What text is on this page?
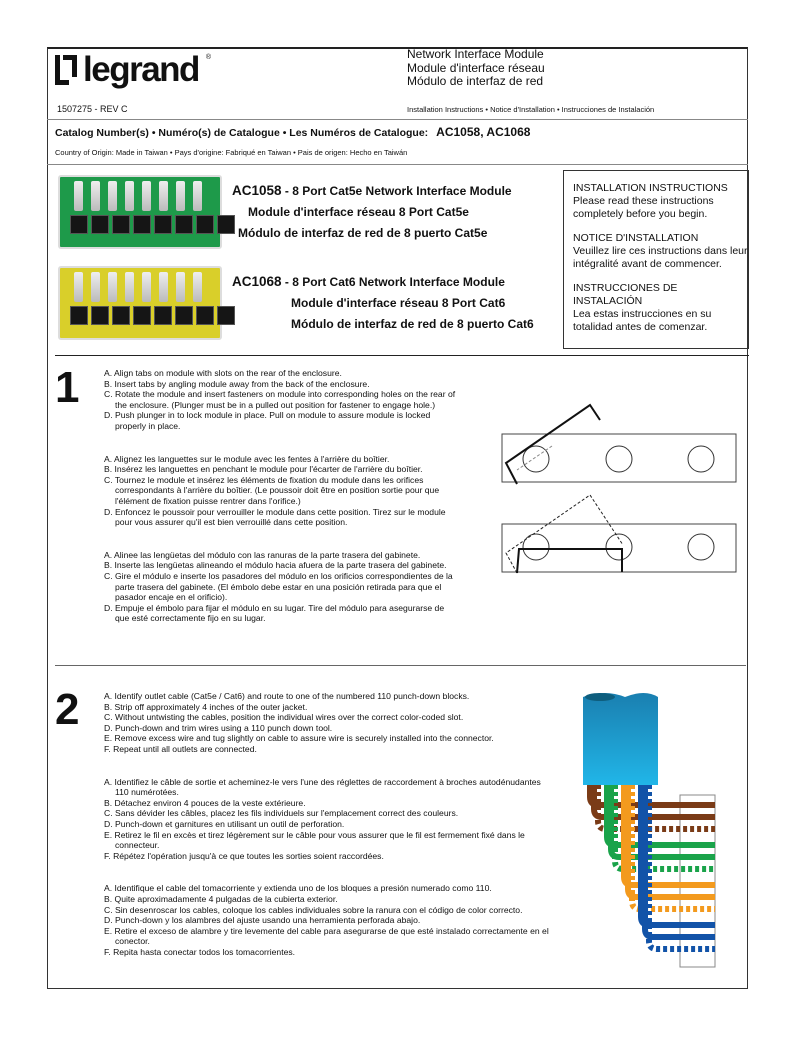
legrand ®	Network Interface Module
Module d'interface réseau
Módulo de interfaz de red
1507275 - REV C	Installation Instructions • Notice d'Installation • Instrucciones de Instalación
Catalog Number(s) • Numéro(s) de Catalogue • Les Numéros de Catalogue: AC1058, AC1068
Country of Origin: Made in Taiwan • Pays d'origine: Fabriqué en Taiwan • Pais de origen: Hecho en Taiwán
AC1058 - 8 Port Cat5e Network Interface Module
Module d'interface réseau 8 Port Cat5e
Módulo de interfaz de red de 8 puerto Cat5e
AC1068 - 8 Port Cat6 Network Interface Module
Module d'interface réseau 8 Port Cat6
Módulo de interfaz de red de 8 puerto Cat6
INSTALLATION INSTRUCTIONS
Please read these instructions completely before you begin.
NOTICE D'INSTALLATION
Veuillez lire ces instructions dans leur intégralité avant de commencer.
INSTRUCCIONES DE INSTALACIÓN
Lea estas instrucciones en su totalidad antes de comenzar.
1	A. Align tabs on module with slots on the rear of the enclosure.
B. Insert tabs by angling module away from the back of the enclosure.
C. Rotate the module and insert fasteners on module into corresponding holes on the rear of the enclosure. (Plunger must be in a pulled out position for fastener to engage hole.)
D. Push plunger in to lock module in place. Pull on module to assure module is locked properly in place.
A. Alignez les languettes sur le module avec les fentes à l'arrière du boîtier.
B. Insérez les languettes en penchant le module pour l'écarter de l'arrière du boîtier.
C. Tournez le module et insérez les éléments de fixation du module dans les orifices correspondants à l'arrière du boîtier. (Le poussoir doit être en position sortie pour que l'élément de fixation puisse rentrer dans l'orifice.)
D. Enfoncez le poussoir pour verrouiller le module dans cette position. Tirez sur le module pour vous assurer qu'il est bien verrouillé dans cette position.
A. Alinee las lengüetas del módulo con las ranuras de la parte trasera del gabinete.
B. Inserte las lengüetas alineando el módulo hacia afuera de la parte trasera del gabinete.
C. Gire el módulo e inserte los pasadores del módulo en los orificios correspondientes de la parte trasera del gabinete. (El émbolo debe estar en una posición retirada para que el pasador encaje en el orificio).
D. Empuje el émbolo para fijar el módulo en su lugar. Tire del módulo para asegurarse de que esté correctamente fijo en su lugar.
2	A. Identify outlet cable (Cat5e / Cat6) and route to one of the numbered 110 punch-down blocks.
B. Strip off approximately 4 inches of the outer jacket.
C. Without untwisting the cables, position the individual wires over the correct color-coded slot.
D. Punch-down and trim wires using a 110 punch down tool.
E. Remove excess wire and tug slightly on cable to assure wire is securely installed into the connector.
F. Repeat until all outlets are connected.
A. Identifiez le câble de sortie et acheminez-le vers l'une des réglettes de raccordement à broches autodénudantes 110 numérotées.
B. Détachez environ 4 pouces de la veste extérieure.
C. Sans dévider les câbles, placez les fils individuels sur l'emplacement correct des couleurs.
D. Punch-down et garnitures en utilisant un outil de perforation.
E. Retirez le fil en excès et tirez légèrement sur le câble pour vous assurer que le fil est fermement fixé dans le connecteur.
F. Répétez l'opération jusqu'à ce que toutes les sorties soient raccordées.
A. Identifique el cable del tomacorriente y extienda uno de los bloques a presión numerado como 110.
B. Quite aproximadamente 4 pulgadas de la cubierta exterior.
C. Sin desenroscar los cables, coloque los cables individuales sobre la ranura con el código de color correcto.
D. Punch-down y los alambres del ajuste usando una herramienta perforada abajo.
E. Retire el exceso de alambre y tire levemente del cable para asegurarse de que esté instalado correctamente en el conector.
F. Repita hasta conectar todos los tomacorrientes.
